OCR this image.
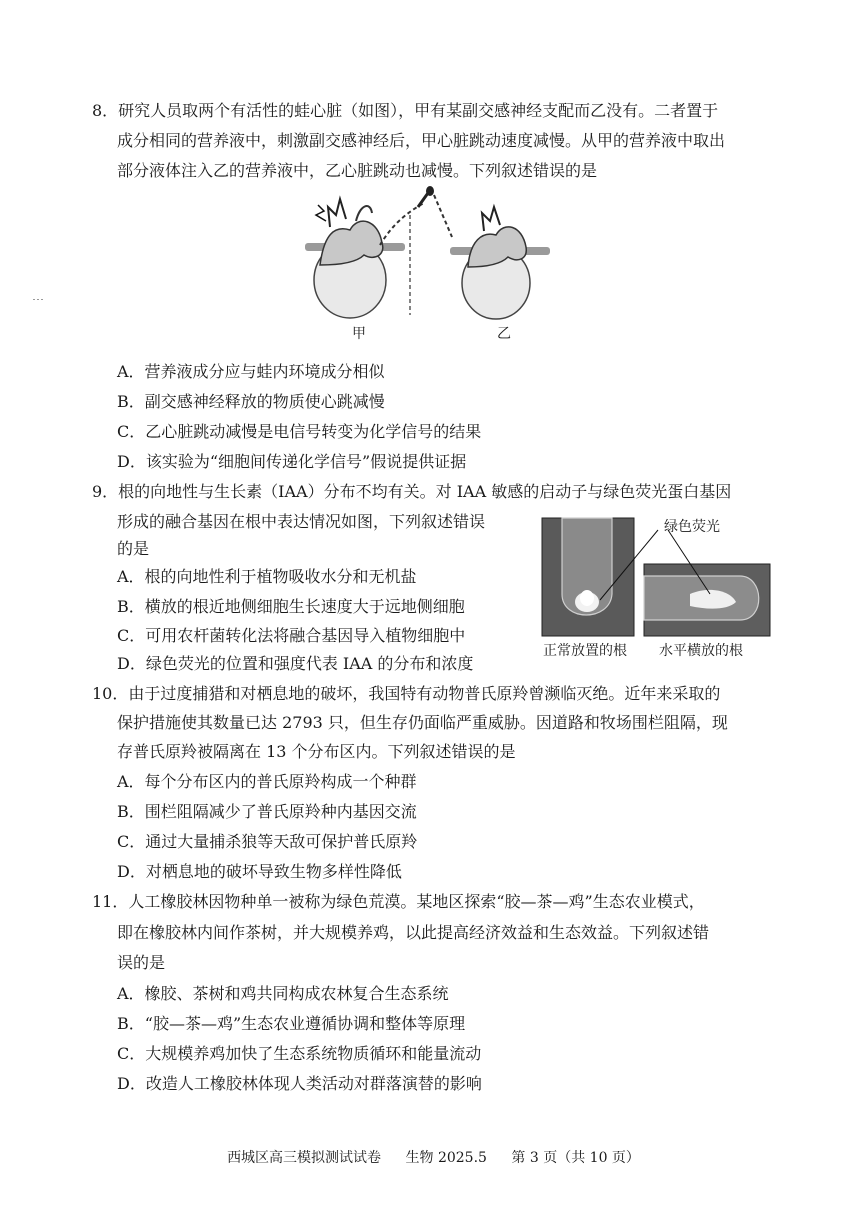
8．研究人员取两个有活性的蛙心脏（如图），甲有某副交感神经支配而乙没有。二者置于
成分相同的营养液中，刺激副交感神经后，甲心脏跳动速度减慢。从甲的营养液中取出
部分液体注入乙的营养液中，乙心脏跳动也减慢。下列叙述错误的是
甲	乙
A．营养液成分应与蛙内环境成分相似
B．副交感神经释放的物质使心跳减慢
C．乙心脏跳动减慢是电信号转变为化学信号的结果
D．该实验为“细胞间传递化学信号”假说提供证据
9．根的向地性与生长素（IAA）分布不均有关。对 IAA 敏感的启动子与绿色荧光蛋白基因
形成的融合基因在根中表达情况如图，下列叙述错误
的是
A．根的向地性利于植物吸收水分和无机盐
B．横放的根近地侧细胞生长速度大于远地侧细胞
C．可用农杆菌转化法将融合基因导入植物细胞中
D．绿色荧光的位置和强度代表 IAA 的分布和浓度
绿色荧光
正常放置的根 水平横放的根
10．由于过度捕猎和对栖息地的破坏，我国特有动物普氏原羚曾濒临灭绝。近年来采取的
保护措施使其数量已达 2793 只，但生存仍面临严重威胁。因道路和牧场围栏阻隔，现
存普氏原羚被隔离在 13 个分布区内。下列叙述错误的是
A．每个分布区内的普氏原羚构成一个种群
B．围栏阻隔减少了普氏原羚种内基因交流
C．通过大量捕杀狼等天敌可保护普氏原羚
D．对栖息地的破坏导致生物多样性降低
11．人工橡胶林因物种单一被称为绿色荒漠。某地区探索“胶—茶—鸡”生态农业模式，
即在橡胶林内间作茶树，并大规模养鸡，以此提高经济效益和生态效益。下列叙述错
误的是
A．橡胶、茶树和鸡共同构成农林复合生态系统
B．“胶—茶—鸡”生态农业遵循协调和整体等原理
C．大规模养鸡加快了生态系统物质循环和能量流动
D．改造人工橡胶林体现人类活动对群落演替的影响
西城区高三模拟测试试卷 生物 2025.5 第 3 页（共 10 页）
